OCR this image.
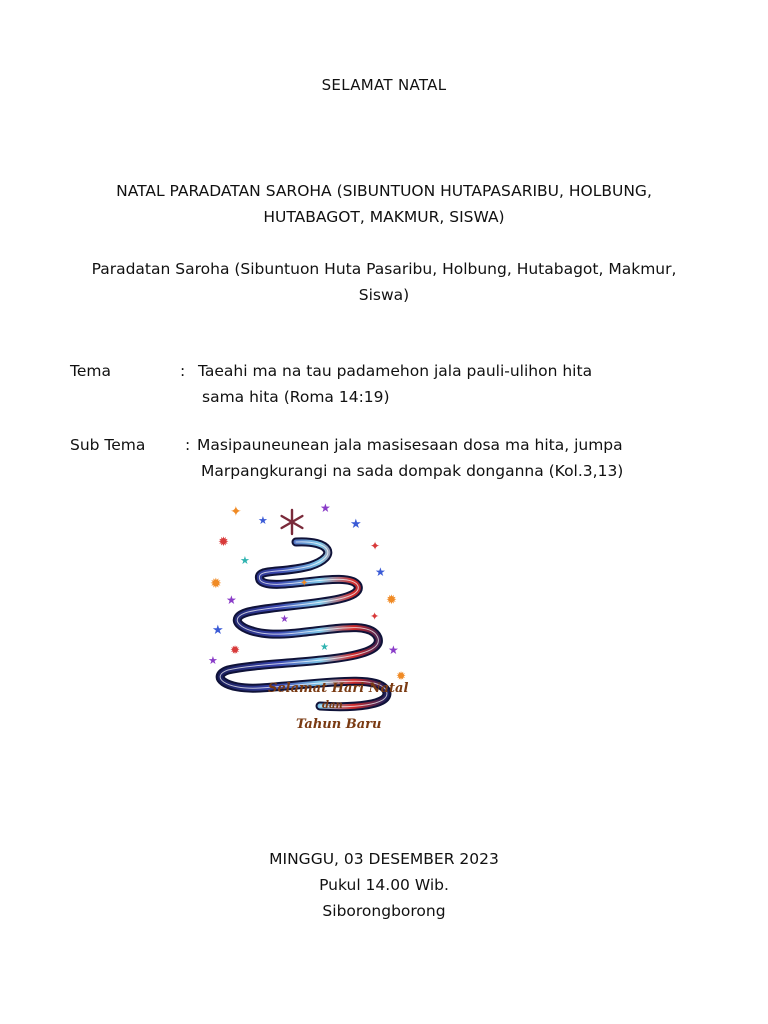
SELAMAT NATAL
NATAL PARADATAN SAROHA (SIBUNTUON HUTAPASARIBU, HOLBUNG,
HUTABAGOT, MAKMUR, SISWA)
Paradatan Saroha (Sibuntuon Huta Pasaribu, Holbung, Hutabagot, Makmur,
Siswa)
Tema	: Taeahi ma na tau padamehon jala pauli-ulihon hita
sama hita (Roma 14:19)
Sub Tema	: Masipauneunean jala masisesaan dosa ma hita, jumpa
Marpangkurangi na sada dompak donganna (Kol.3,13)
✦
★
★
★
✦
✹
★
✹
★
★
✹
✦
★
✹
★
★
✹
✦
★
★
Selamat Hari Natal
dan
Tahun Baru
MINGGU, 03 DESEMBER 2023
Pukul 14.00 Wib.
Siborongborong
